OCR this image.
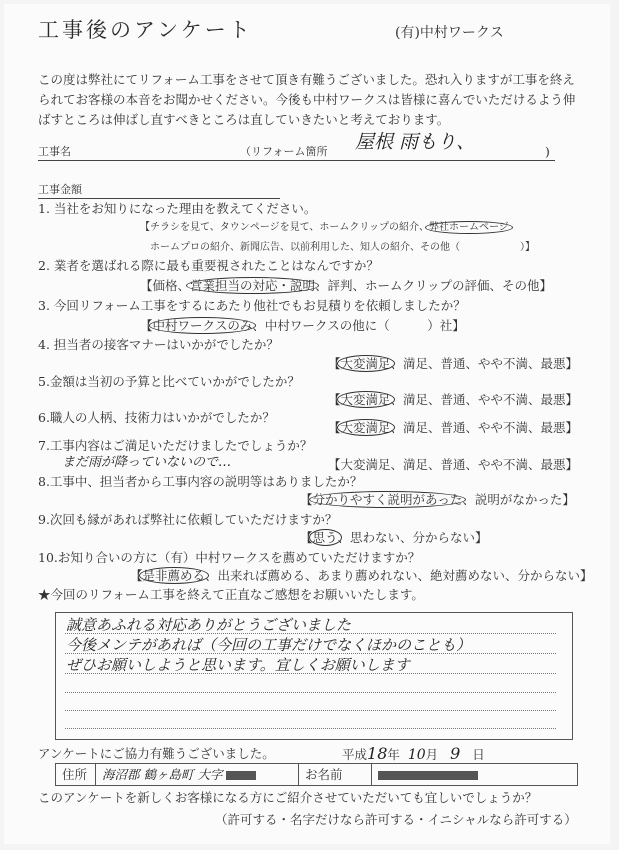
工事後のアンケート	(有)中村ワークス
この度は弊社にてリフォーム工事をさせて頂き有難うございました。恐れ入りますが工事を終え
られてお客様の本音をお聞かせください。今後も中村ワークスは皆様に喜んでいただけるよう伸
ばすところは伸ばし直すべきところは直していきたいと考えております。
工事名	（リフォーム箇所 屋根 雨もり、	)
工事金額
1. 当社をお知りになった理由を教えてください。
【チラシを見て、タウンページを見て、ホームクリップの紹介、弊社ホームページ
ホームプロの紹介、新聞広告、以前利用した、知人の紹介、その他（　　　　　　）】
2. 業者を選ばれる際に最も重要視されたことはなんですか？
【価格、営業担当の対応・説明、評判、ホームクリップの評価、その他】
3. 今回リフォーム工事をするにあたり他社でもお見積りを依頼しましたか？
【中村ワークスのみ、中村ワークスの他に（　　　）社】
4. 担当者の接客マナーはいかがでしたか？
【大変満足、満足、普通、やや不満、最悪】
5.金額は当初の予算と比べていかがでしたか？
【大変満足、満足、普通、やや不満、最悪】
6.職人の人柄、技術力はいかがでしたか？
【大変満足、満足、普通、やや不満、最悪】
7.工事内容はご満足いただけましたでしょうか？
まだ雨が降っていないので…	【大変満足、満足、普通、やや不満、最悪】
8.工事中、担当者から工事内容の説明等はありましたか？
【分かりやすく説明があった、説明がなかった】
9.次回も縁があれば弊社に依頼していただけますか？
【思う、思わない、分からない】
10.お知り合いの方に（有）中村ワークスを薦めていただけますか？
【是非薦める、出来れば薦める、あまり薦めれない、絶対薦めない、分からない】
★今回のリフォーム工事を終えて正直なご感想をお願いいたします。
誠意あふれる対応ありがとうございました
今後メンテがあれば（今回の工事だけでなくほかのことも）
ぜひお願いしようと思います。宜しくお願いします
アンケートにご協力有難うございました。	平成18年 10月 9 日
住所	海沼郡 鶴ヶ島町 大字	お名前
このアンケートを新しくお客様になる方にご紹介させていただいても宜しいでしょうか？
（許可する・名字だけなら許可する・イニシャルなら許可する）
